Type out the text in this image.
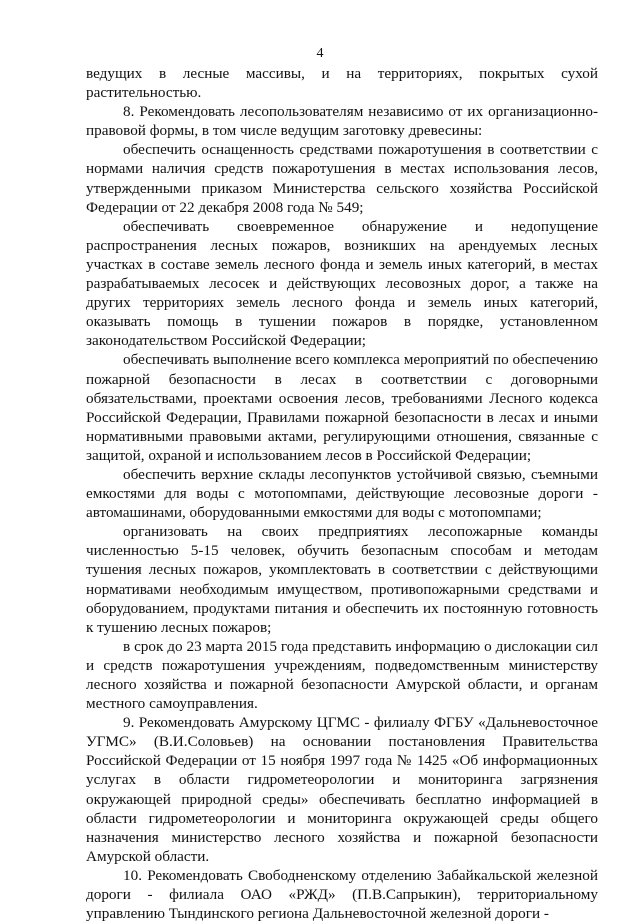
4

ведущих в лесные массивы, и на территориях, покрытых сухой растительностью.

8. Рекомендовать лесопользователям независимо от их организационно-правовой формы, в том числе ведущим заготовку древесины:

обеспечить оснащенность средствами пожаротушения в соответствии с нормами наличия средств пожаротушения в местах использования лесов, утвержденными приказом Министерства сельского хозяйства Российской Федерации от 22 декабря 2008 года № 549;

обеспечивать своевременное обнаружение и недопущение распространения лесных пожаров, возникших на арендуемых лесных участках в составе земель лесного фонда и земель иных категорий, в местах разрабатываемых лесосек и действующих лесовозных дорог, а также на других территориях земель лесного фонда и земель иных категорий, оказывать помощь в тушении пожаров в порядке, установленном законодательством Российской Федерации;

обеспечивать выполнение всего комплекса мероприятий по обеспечению пожарной безопасности в лесах в соответствии с договорными обязательствами, проектами освоения лесов, требованиями Лесного кодекса Российской Федерации, Правилами пожарной безопасности в лесах и иными нормативными правовыми актами, регулирующими отношения, связанные с защитой, охраной и использованием лесов в Российской Федерации;

обеспечить верхние склады лесопунктов устойчивой связью, съемными емкостями для воды с мотопомпами, действующие лесовозные дороги - автомашинами, оборудованными емкостями для воды с мотопомпами;

организовать на своих предприятиях лесопожарные команды численностью 5-15 человек, обучить безопасным способам и методам тушения лесных пожаров, укомплектовать в соответствии с действующими нормативами необходимым имуществом, противопожарными средствами и оборудованием, продуктами питания и обеспечить их постоянную готовность к тушению лесных пожаров;

в срок до 23 марта 2015 года представить информацию о дислокации сил и средств пожаротушения учреждениям, подведомственным министерству лесного хозяйства и пожарной безопасности Амурской области, и органам местного самоуправления.

9. Рекомендовать Амурскому ЦГМС - филиалу ФГБУ «Дальневосточное УГМС» (В.И.Соловьев) на основании постановления Правительства Российской Федерации от 15 ноября 1997 года № 1425 «Об информационных услугах в области гидрометеорологии и мониторинга загрязнения окружающей природной среды» обеспечивать бесплатно информацией в области гидрометеорологии и мониторинга окружающей среды общего назначения министерство лесного хозяйства и пожарной безопасности Амурской области.

10. Рекомендовать Свободненскому отделению Забайкальской железной дороги - филиала ОАО «РЖД» (П.В.Сапрыкин), территориальному управлению Тындинского региона Дальневосточной железной дороги -
